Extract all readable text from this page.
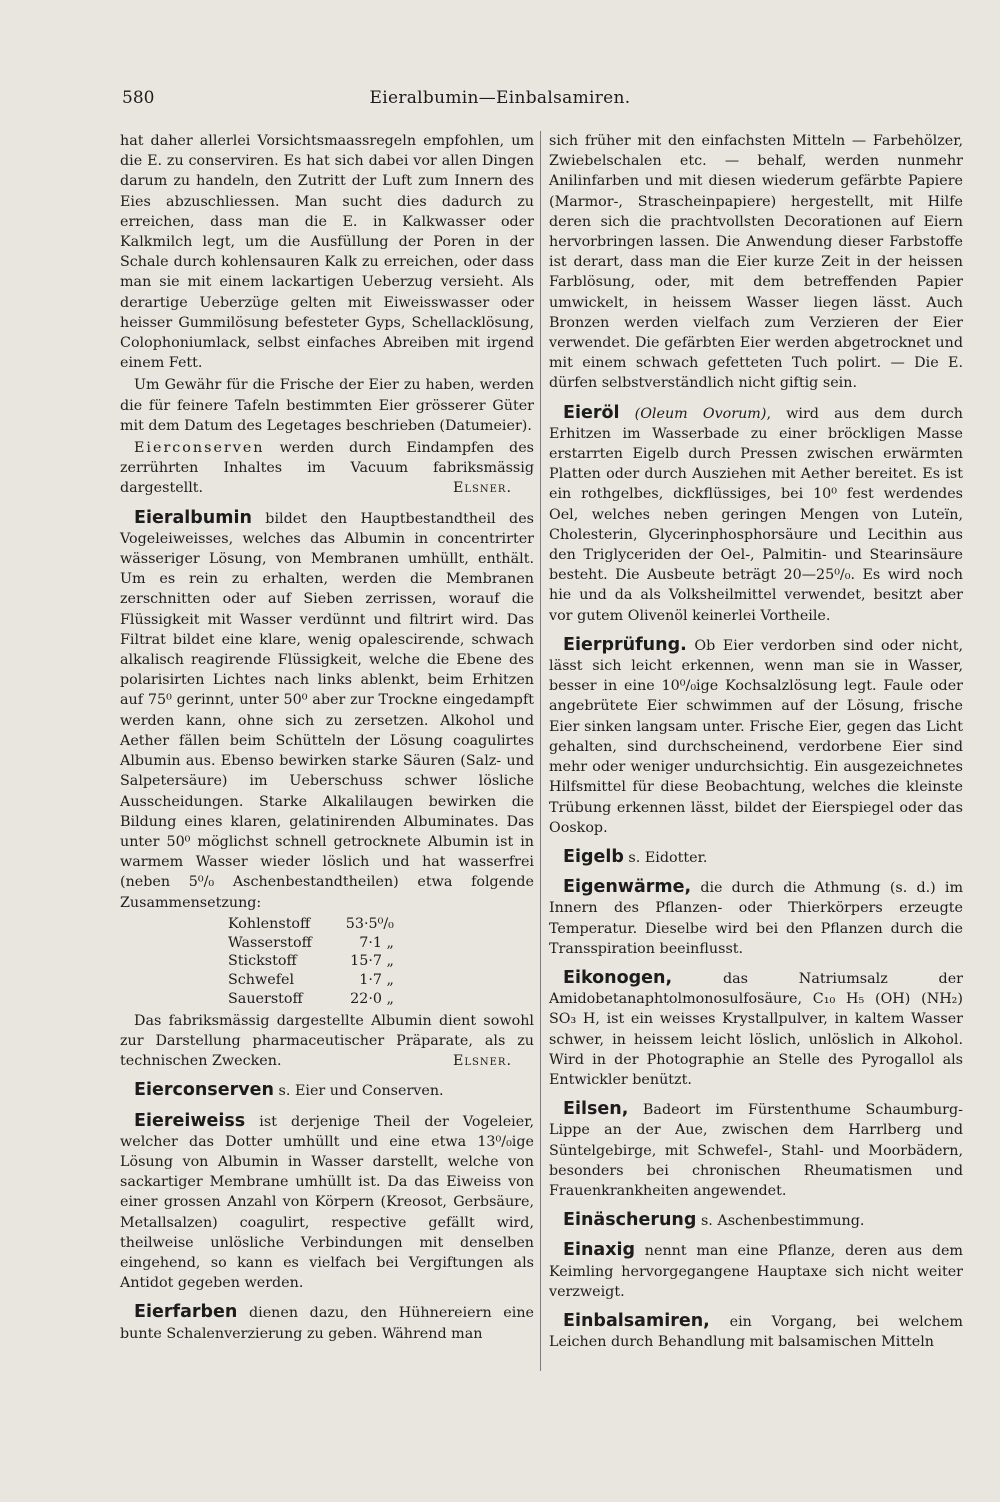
580	Eieralbumin—Einbalsamiren.

hat daher allerlei Vorsichtsmaassregeln empfohlen, um die E. zu conserviren. Es hat sich dabei vor allen Dingen darum zu handeln, den Zutritt der Luft zum Innern des Eies abzuschliessen. Man sucht dies dadurch zu erreichen, dass man die E. in Kalkwasser oder Kalkmilch legt, um die Ausfüllung der Poren in der Schale durch kohlensauren Kalk zu erreichen, oder dass man sie mit einem lackartigen Ueberzug versieht. Als derartige Ueberzüge gelten mit Eiweisswasser oder heisser Gummilösung befesteter Gyps, Schellacklösung, Colophoniumlack, selbst einfaches Abreiben mit irgend einem Fett.

Um Gewähr für die Frische der Eier zu haben, werden die für feinere Tafeln bestimmten Eier grösserer Güter mit dem Datum des Legetages beschrieben (Datumeier).

Eierconserven werden durch Eindampfen des zerrührten Inhaltes im Vacuum fabriksmässig dargestellt.	Elsner.

Eieralbumin bildet den Hauptbestandtheil des Vogeleiweisses, welches das Albumin in concentrirter wässeriger Lösung, von Membranen umhüllt, enthält. Um es rein zu erhalten, werden die Membranen zerschnitten oder auf Sieben zerrissen, worauf die Flüssigkeit mit Wasser verdünnt und filtrirt wird. Das Filtrat bildet eine klare, wenig opalescirende, schwach alkalisch reagirende Flüssigkeit, welche die Ebene des polarisirten Lichtes nach links ablenkt, beim Erhitzen auf 75⁰ gerinnt, unter 50⁰ aber zur Trockne eingedampft werden kann, ohne sich zu zersetzen. Alkohol und Aether fällen beim Schütteln der Lösung coagulirtes Albumin aus. Ebenso bewirken starke Säuren (Salz- und Salpetersäure) im Ueberschuss schwer lösliche Ausscheidungen. Starke Alkalilaugen bewirken die Bildung eines klaren, gelatinirenden Albuminates. Das unter 50⁰ möglichst schnell getrocknete Albumin ist in warmem Wasser wieder löslich und hat wasserfrei (neben 5⁰/₀ Aschenbestandtheilen) etwa folgende Zusammensetzung:

Kohlenstoff	53·5⁰/₀
Wasserstoff	7·1 „
Stickstoff	15·7 „
Schwefel	1·7 „
Sauerstoff	22·0 „

Das fabriksmässig dargestellte Albumin dient sowohl zur Darstellung pharmaceutischer Präparate, als zu technischen Zwecken.	Elsner.

Eierconserven s. Eier und Conserven.

Eiereiweiss ist derjenige Theil der Vogeleier, welcher das Dotter umhüllt und eine etwa 13⁰/₀ige Lösung von Albumin in Wasser darstellt, welche von sackartiger Membrane umhüllt ist. Da das Eiweiss von einer grossen Anzahl von Körpern (Kreosot, Gerbsäure, Metallsalzen) coagulirt, respective gefällt wird, theilweise unlösliche Verbindungen mit denselben eingehend, so kann es vielfach bei Vergiftungen als Antidot gegeben werden.

Eierfarben dienen dazu, den Hühnereiern eine bunte Schalenverzierung zu geben. Während man

sich früher mit den einfachsten Mitteln — Farbehölzer, Zwiebelschalen etc. — behalf, werden nunmehr Anilinfarben und mit diesen wiederum gefärbte Papiere (Marmor-, Strascheinpapiere) hergestellt, mit Hilfe deren sich die prachtvollsten Decorationen auf Eiern hervorbringen lassen. Die Anwendung dieser Farbstoffe ist derart, dass man die Eier kurze Zeit in der heissen Farblösung, oder, mit dem betreffenden Papier umwickelt, in heissem Wasser liegen lässt. Auch Bronzen werden vielfach zum Verzieren der Eier verwendet. Die gefärbten Eier werden abgetrocknet und mit einem schwach gefetteten Tuch polirt. — Die E. dürfen selbstverständlich nicht giftig sein.

Eieröl (Oleum Ovorum), wird aus dem durch Erhitzen im Wasserbade zu einer bröckligen Masse erstarrten Eigelb durch Pressen zwischen erwärmten Platten oder durch Ausziehen mit Aether bereitet. Es ist ein rothgelbes, dickflüssiges, bei 10⁰ fest werdendes Oel, welches neben geringen Mengen von Luteïn, Cholesterin, Glycerinphosphorsäure und Lecithin aus den Triglyceriden der Oel-, Palmitin- und Stearinsäure besteht. Die Ausbeute beträgt 20—25⁰/₀. Es wird noch hie und da als Volksheilmittel verwendet, besitzt aber vor gutem Olivenöl keinerlei Vortheile.

Eierprüfung. Ob Eier verdorben sind oder nicht, lässt sich leicht erkennen, wenn man sie in Wasser, besser in eine 10⁰/₀ige Kochsalzlösung legt. Faule oder angebrütete Eier schwimmen auf der Lösung, frische Eier sinken langsam unter. Frische Eier, gegen das Licht gehalten, sind durchscheinend, verdorbene Eier sind mehr oder weniger undurchsichtig. Ein ausgezeichnetes Hilfsmittel für diese Beobachtung, welches die kleinste Trübung erkennen lässt, bildet der Eierspiegel oder das Ooskop.

Eigelb s. Eidotter.

Eigenwärme, die durch die Athmung (s. d.) im Innern des Pflanzen- oder Thierkörpers erzeugte Temperatur. Dieselbe wird bei den Pflanzen durch die Transspiration beeinflusst.

Eikonogen, das Natriumsalz der Amidobetanaphtolmonosulfosäure, C₁₀ H₅ (OH) (NH₂) SO₃ H, ist ein weisses Krystallpulver, in kaltem Wasser schwer, in heissem leicht löslich, unlöslich in Alkohol. Wird in der Photographie an Stelle des Pyrogallol als Entwickler benützt.

Eilsen, Badeort im Fürstenthume Schaumburg-Lippe an der Aue, zwischen dem Harrlberg und Süntelgebirge, mit Schwefel-, Stahl- und Moorbädern, besonders bei chronischen Rheumatismen und Frauenkrankheiten angewendet.

Einäscherung s. Aschenbestimmung.

Einaxig nennt man eine Pflanze, deren aus dem Keimling hervorgegangene Hauptaxe sich nicht weiter verzweigt.

Einbalsamiren, ein Vorgang, bei welchem Leichen durch Behandlung mit balsamischen Mitteln
